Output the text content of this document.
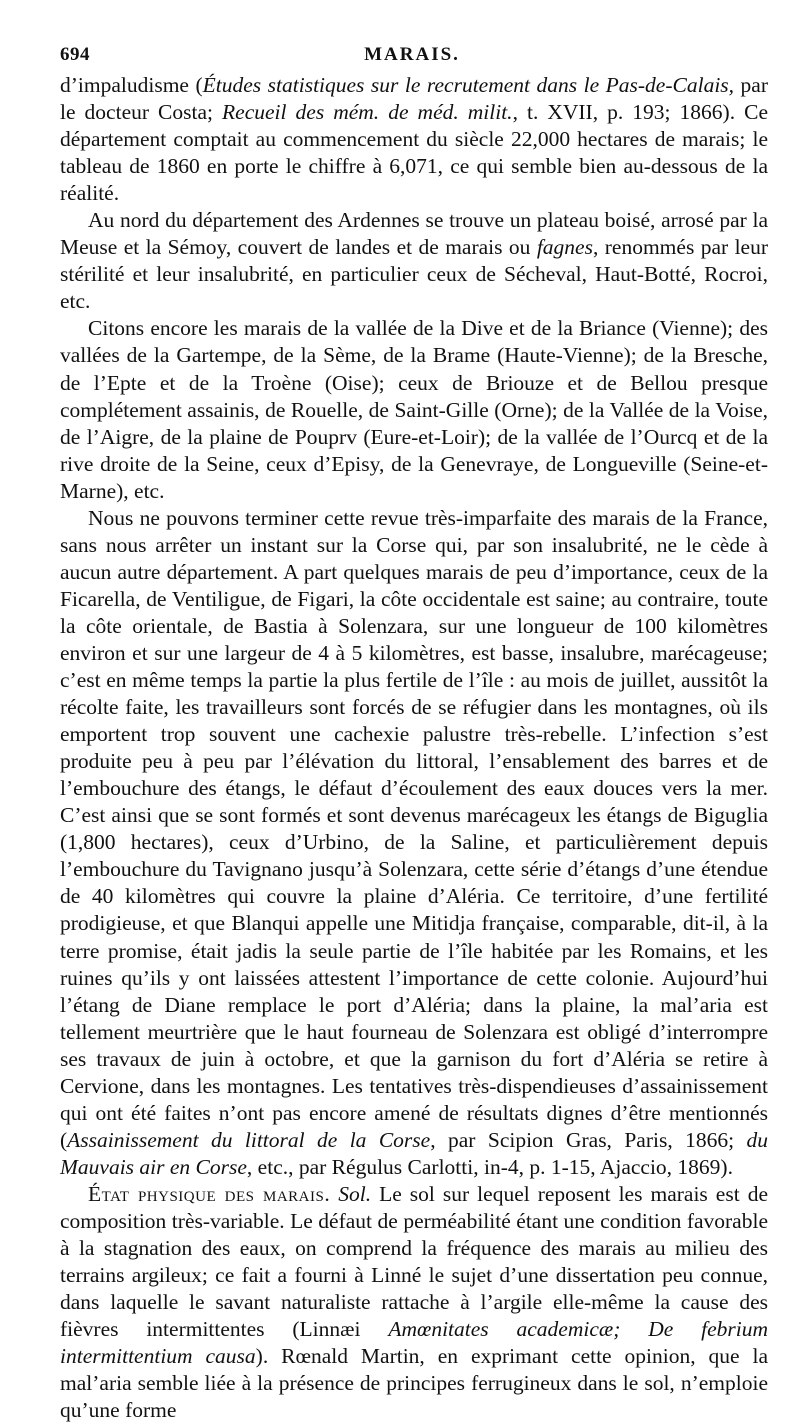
694	MARAIS.

d’impaludisme (Études statistiques sur le recrutement dans le Pas-de-Calais, par le docteur Costa; Recueil des mém. de méd. milit., t. XVII, p. 193; 1866). Ce département comptait au commencement du siècle 22,000 hectares de marais; le tableau de 1860 en porte le chiffre à 6,071, ce qui semble bien au-dessous de la réalité.

Au nord du département des Ardennes se trouve un plateau boisé, arrosé par la Meuse et la Sémoy, couvert de landes et de marais ou fagnes, renommés par leur stérilité et leur insalubrité, en particulier ceux de Sécheval, Haut-Botté, Rocroi, etc.

Citons encore les marais de la vallée de la Dive et de la Briance (Vienne); des vallées de la Gartempe, de la Sème, de la Brame (Haute-Vienne); de la Bresche, de l’Epte et de la Troène (Oise); ceux de Briouze et de Bellou presque complétement assainis, de Rouelle, de Saint-Gille (Orne); de la Vallée de la Voise, de l’Aigre, de la plaine de Pouprv (Eure-et-Loir); de la vallée de l’Ourcq et de la rive droite de la Seine, ceux d’Episy, de la Genevraye, de Longueville (Seine-et-Marne), etc.

Nous ne pouvons terminer cette revue très-imparfaite des marais de la France, sans nous arrêter un instant sur la Corse qui, par son insalubrité, ne le cède à aucun autre département. A part quelques marais de peu d’importance, ceux de la Ficarella, de Ventiligue, de Figari, la côte occidentale est saine; au contraire, toute la côte orientale, de Bastia à Solenzara, sur une longueur de 100 kilomètres environ et sur une largeur de 4 à 5 kilomètres, est basse, insalubre, marécageuse; c’est en même temps la partie la plus fertile de l’île : au mois de juillet, aussitôt la récolte faite, les travailleurs sont forcés de se réfugier dans les montagnes, où ils emportent trop souvent une cachexie palustre très-rebelle. L’infection s’est produite peu à peu par l’élévation du littoral, l’ensablement des barres et de l’embouchure des étangs, le défaut d’écoulement des eaux douces vers la mer. C’est ainsi que se sont formés et sont devenus marécageux les étangs de Biguglia (1,800 hectares), ceux d’Urbino, de la Saline, et particulièrement depuis l’embouchure du Tavignano jusqu’à Solenzara, cette série d’étangs d’une étendue de 40 kilomètres qui couvre la plaine d’Aléria. Ce territoire, d’une fertilité prodigieuse, et que Blanqui appelle une Mitidja française, comparable, dit-il, à la terre promise, était jadis la seule partie de l’île habitée par les Romains, et les ruines qu’ils y ont laissées attestent l’importance de cette colonie. Aujourd’hui l’étang de Diane remplace le port d’Aléria; dans la plaine, la mal’aria est tellement meurtrière que le haut fourneau de Solenzara est obligé d’interrompre ses travaux de juin à octobre, et que la garnison du fort d’Aléria se retire à Cervione, dans les montagnes. Les tentatives très-dispendieuses d’assainissement qui ont été faites n’ont pas encore amené de résultats dignes d’être mentionnés (Assainissement du littoral de la Corse, par Scipion Gras, Paris, 1866; du Mauvais air en Corse, etc., par Régulus Carlotti, in-4, p. 1-15, Ajaccio, 1869).

État physique des marais. Sol. Le sol sur lequel reposent les marais est de composition très-variable. Le défaut de perméabilité étant une condition favorable à la stagnation des eaux, on comprend la fréquence des marais au milieu des terrains argileux; ce fait a fourni à Linné le sujet d’une dissertation peu connue, dans laquelle le savant naturaliste rattache à l’argile elle-même la cause des fièvres intermittentes (Linnæi Amœnitates academicæ; De febrium intermittentium causa). Rœnald Martin, en exprimant cette opinion, que la mal’aria semble liée à la présence de principes ferrugineux dans le sol, n’emploie qu’une forme
